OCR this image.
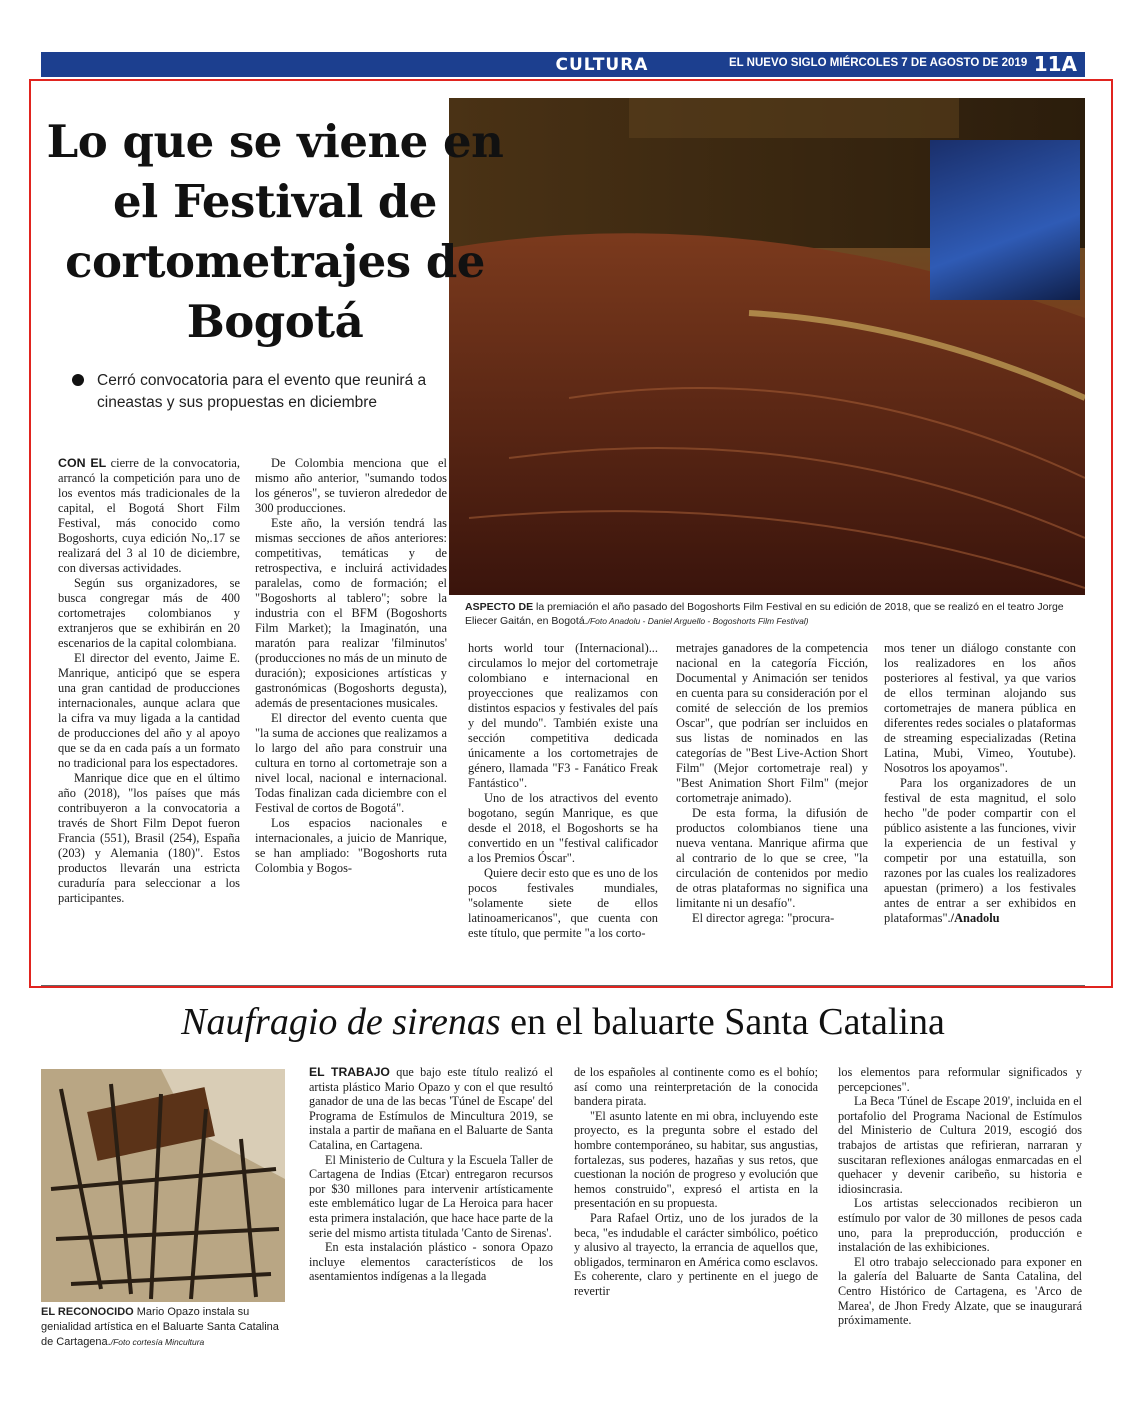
CULTURA	EL NUEVO SIGLO MIÉRCOLES 7 DE AGOSTO DE 2019 11A
Lo que se viene en el Festival de cortometrajes de Bogotá
Cerró convocatoria para el evento que reunirá a cineastas y sus propuestas en diciembre
ASPECTO DE la premiación el año pasado del Bogoshorts Film Festival en su edición de 2018, que se realizó en el teatro Jorge Eliecer Gaitán, en Bogotá./Foto Anadolu - Daniel Arguello - Bogoshorts Film Festival)

CON EL cierre de la convocatoria, arrancó la competición para uno de los eventos más tradicionales de la capital, el Bogotá Short Film Festival, más conocido como Bogoshorts, cuya edición No,.17 se realizará del 3 al 10 de diciembre, con diversas actividades.

Según sus organizadores, se busca congregar más de 400 cortometrajes colombianos y extranjeros que se exhibirán en 20 escenarios de la capital colombiana.

El director del evento, Jaime E. Manrique, anticipó que se espera una gran cantidad de producciones internacionales, aunque aclara que la cifra va muy ligada a la cantidad de producciones del año y al apoyo que se da en cada país a un formato no tradicional para los espectadores.

Manrique dice que en el último año (2018), "los países que más contribuyeron a la convocatoria a través de Short Film Depot fueron Francia (551), Brasil (254), España (203) y Alemania (180)". Estos productos llevarán una estricta curaduría para seleccionar a los participantes.

De Colombia menciona que el mismo año anterior, "sumando todos los géneros", se tuvieron alrededor de 300 producciones.

Este año, la versión tendrá las mismas secciones de años anteriores: competitivas, temáticas y de retrospectiva, e incluirá actividades paralelas, como de formación; el "Bogoshorts al tablero"; sobre la industria con el BFM (Bogoshorts Film Market); la Imaginatón, una maratón para realizar 'filminutos' (producciones no más de un minuto de duración); exposiciones artísticas y gastronómicas (Bogoshorts degusta), además de presentaciones musicales.

El director del evento cuenta que "la suma de acciones que realizamos a lo largo del año para construir una cultura en torno al cortometraje son a nivel local, nacional e internacional. Todas finalizan cada diciembre con el Festival de cortos de Bogotá".

Los espacios nacionales e internacionales, a juicio de Manrique, se han ampliado: "Bogoshorts ruta Colombia y Bogos-

horts world tour (Internacional)... circulamos lo mejor del cortometraje colombiano e internacional en proyecciones que realizamos con distintos espacios y festivales del país y del mundo". También existe una sección competitiva dedicada únicamente a los cortometrajes de género, llamada "F3 - Fanático Freak Fantástico".

Uno de los atractivos del evento bogotano, según Manrique, es que desde el 2018, el Bogoshorts se ha convertido en un "festival calificador a los Premios Óscar".

Quiere decir esto que es uno de los pocos festivales mundiales, "solamente siete de ellos latinoamericanos", que cuenta con este título, que permite "a los corto-

metrajes ganadores de la competencia nacional en la categoría Ficción, Documental y Animación ser tenidos en cuenta para su consideración por el comité de selección de los premios Oscar", que podrían ser incluidos en sus listas de nominados en las categorías de "Best Live-Action Short Film" (Mejor cortometraje real) y "Best Animation Short Film" (mejor cortometraje animado).

De esta forma, la difusión de productos colombianos tiene una nueva ventana. Manrique afirma que al contrario de lo que se cree, "la circulación de contenidos por medio de otras plataformas no significa una limitante ni un desafío".

El director agrega: "procura-

mos tener un diálogo constante con los realizadores en los años posteriores al festival, ya que varios de ellos terminan alojando sus cortometrajes de manera pública en diferentes redes sociales o plataformas de streaming especializadas (Retina Latina, Mubi, Vimeo, Youtube). Nosotros los apoyamos".

Para los organizadores de un festival de esta magnitud, el solo hecho "de poder compartir con el público asistente a las funciones, vivir la experiencia de un festival y competir por una estatuilla, son razones por las cuales los realizadores apuestan (primero) a los festivales antes de entrar a ser exhibidos en plataformas"./Anadolu

Naufragio de sirenas en el baluarte Santa Catalina
EL RECONOCIDO Mario Opazo instala su genialidad artística en el Baluarte Santa Catalina de Cartagena./Foto cortesía Mincultura

EL TRABAJO que bajo este título realizó el artista plástico Mario Opazo y con el que resultó ganador de una de las becas 'Túnel de Escape' del Programa de Estímulos de Mincultura 2019, se instala a partir de mañana en el Baluarte de Santa Catalina, en Cartagena.

El Ministerio de Cultura y la Escuela Taller de Cartagena de Indias (Etcar) entregaron recursos por $30 millones para intervenir artísticamente este emblemático lugar de La Heroica para hacer esta primera instalación, que hace hace parte de la serie del mismo artista titulada 'Canto de Sirenas'.

En esta instalación plástico - sonora Opazo incluye elementos característicos de los asentamientos indígenas a la llegada

de los españoles al continente como es el bohío; así como una reinterpretación de la conocida bandera pirata.

"El asunto latente en mi obra, incluyendo este proyecto, es la pregunta sobre el estado del hombre contemporáneo, su habitar, sus angustias, fortalezas, sus poderes, hazañas y sus retos, que cuestionan la noción de progreso y evolución que hemos construido", expresó el artista en la presentación en su propuesta.

Para Rafael Ortiz, uno de los jurados de la beca, "es indudable el carácter simbólico, poético y alusivo al trayecto, la errancia de aquellos que, obligados, terminaron en América como esclavos. Es coherente, claro y pertinente en el juego de revertir

los elementos para reformular significados y percepciones".

La Beca 'Túnel de Escape 2019', incluida en el portafolio del Programa Nacional de Estímulos del Ministerio de Cultura 2019, escogió dos trabajos de artistas que refirieran, narraran y suscitaran reflexiones análogas enmarcadas en el quehacer y devenir caribeño, su historia e idiosincrasia.

Los artistas seleccionados recibieron un estímulo por valor de 30 millones de pesos cada uno, para la preproducción, producción e instalación de las exhibiciones.

El otro trabajo seleccionado para exponer en la galería del Baluarte de Santa Catalina, del Centro Histórico de Cartagena, es 'Arco de Marea', de Jhon Fredy Alzate, que se inaugurará próximamente.
